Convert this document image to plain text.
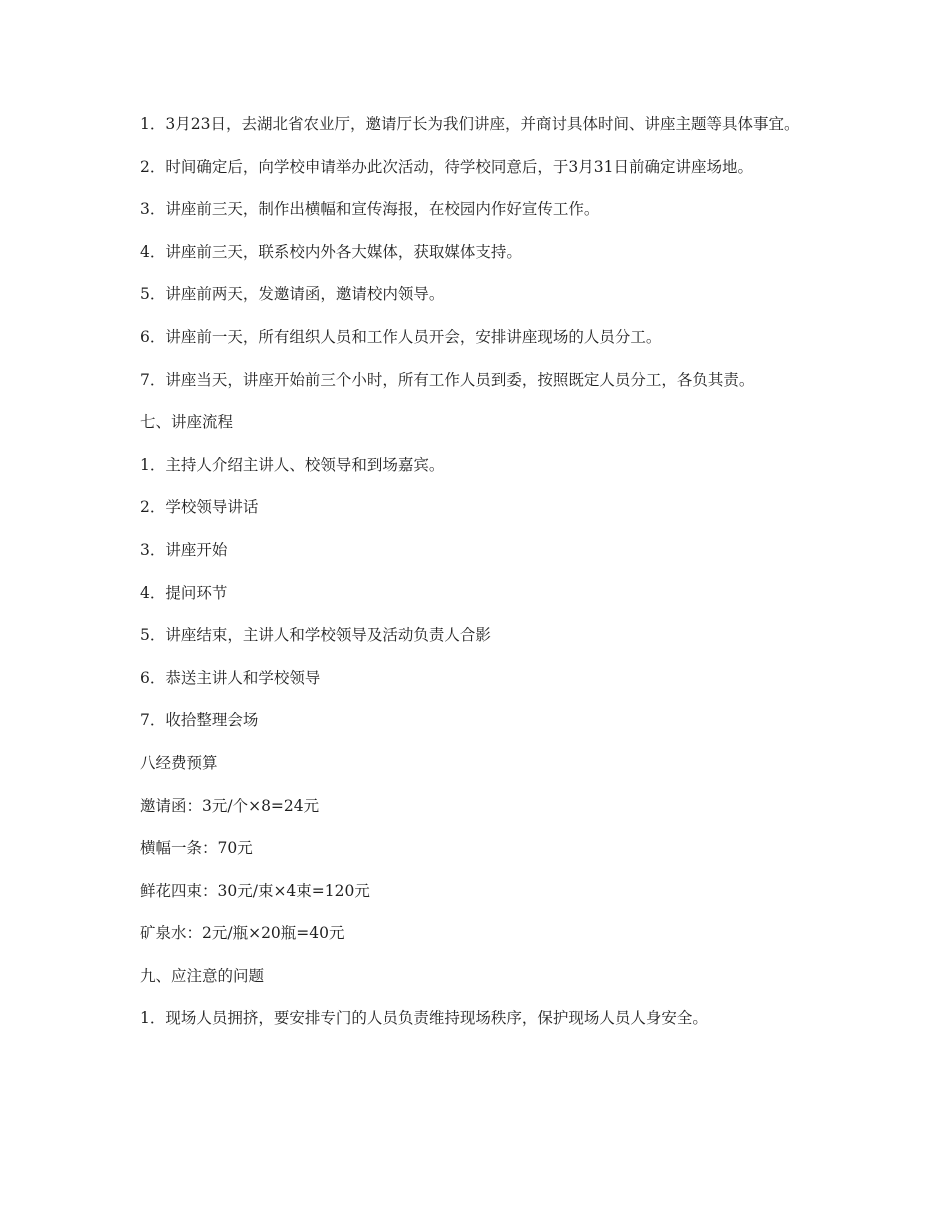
1．3月23日，去湖北省农业厅，邀请厅长为我们讲座，并商讨具体时间、讲座主题等具体事宜。

2．时间确定后，向学校申请举办此次活动，待学校同意后，于3月31日前确定讲座场地。

3．讲座前三天，制作出横幅和宣传海报，在校园内作好宣传工作。

4．讲座前三天，联系校内外各大媒体，获取媒体支持。

5．讲座前两天，发邀请函，邀请校内领导。

6．讲座前一天，所有组织人员和工作人员开会，安排讲座现场的人员分工。

7．讲座当天，讲座开始前三个小时，所有工作人员到委，按照既定人员分工，各负其责。

七、讲座流程

1．主持人介绍主讲人、校领导和到场嘉宾。

2．学校领导讲话

3．讲座开始

4．提问环节

5．讲座结束，主讲人和学校领导及活动负责人合影

6．恭送主讲人和学校领导

7．收拾整理会场

八经费预算

邀请函：3元/个×8=24元

横幅一条：70元

鲜花四束：30元/束×4束=120元

矿泉水：2元/瓶×20瓶=40元

九、应注意的问题

1．现场人员拥挤，要安排专门的人员负责维持现场秩序，保护现场人员人身安全。
